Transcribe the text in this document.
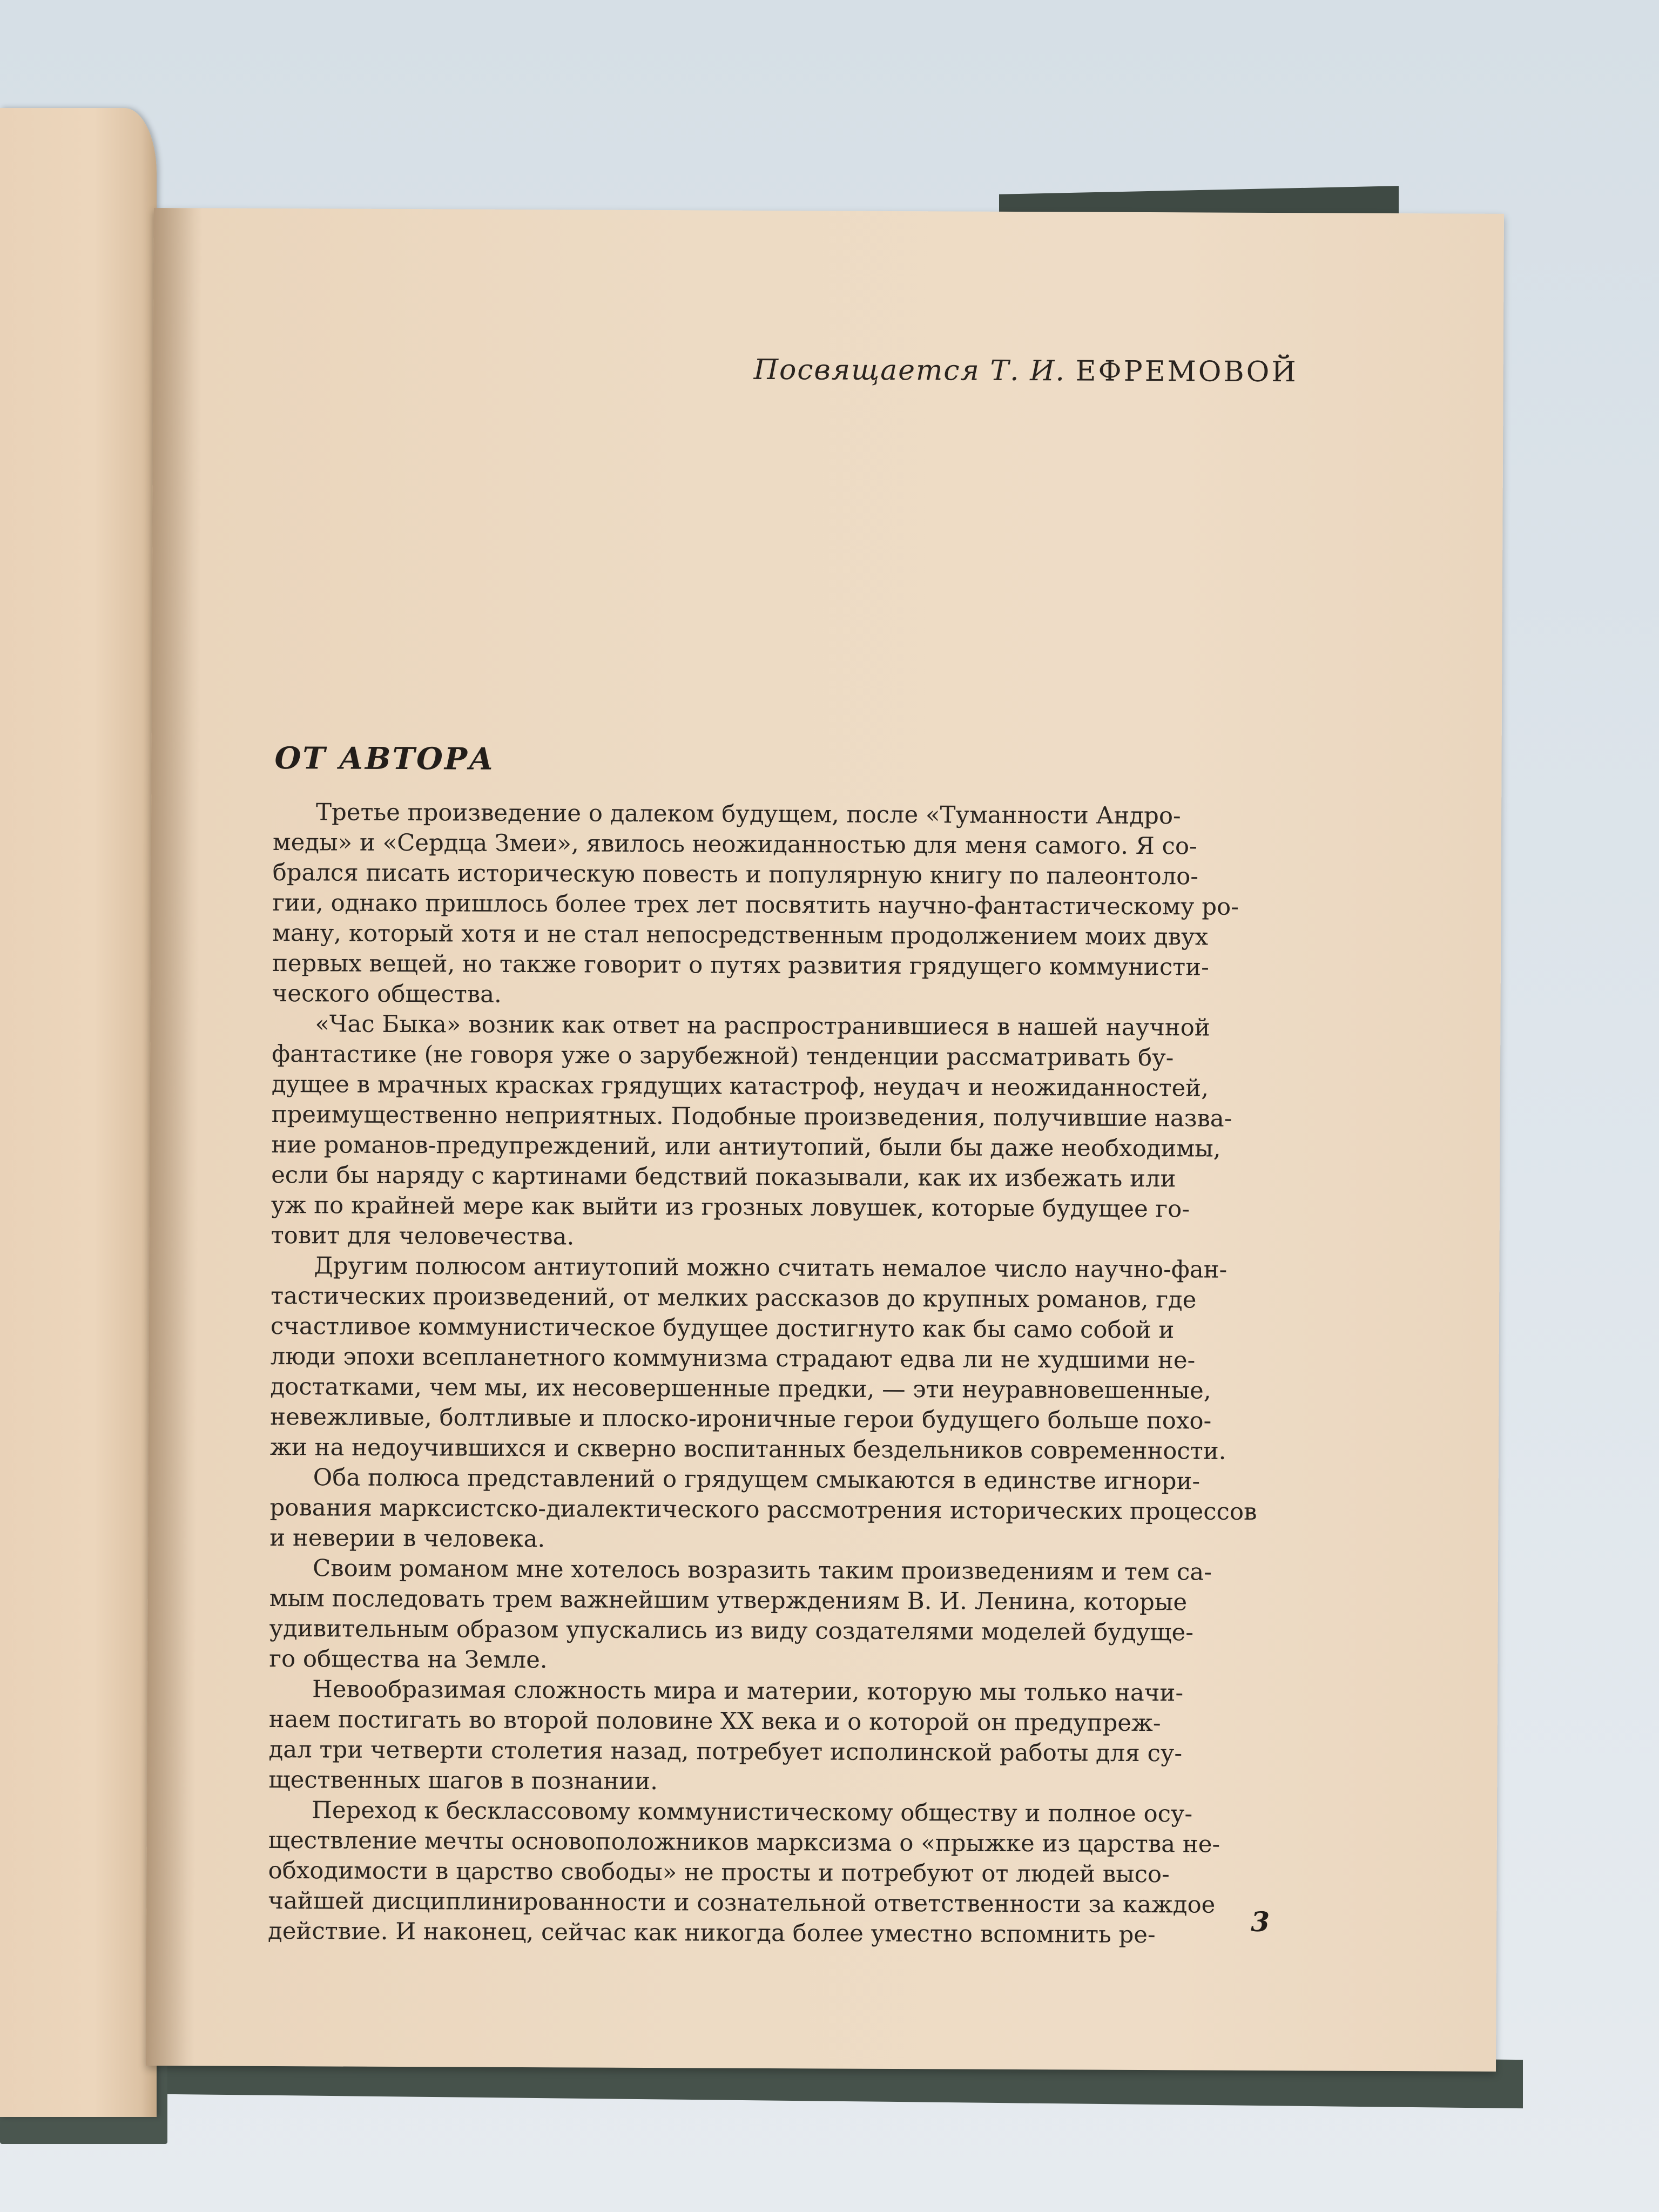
Посвящается Т. И. ЕФРЕМОВОЙ
ОТ АВТОРА
Третье произведение о далеком будущем, после «Туманности Андро-
меды» и «Сердца Змеи», явилось неожиданностью для меня самого. Я со-
брался писать историческую повесть и популярную книгу по палеонтоло-
гии, однако пришлось более трех лет посвятить научно-фантастическому ро-
ману, который хотя и не стал непосредственным продолжением моих двух
первых вещей, но также говорит о путях развития грядущего коммунисти-
ческого общества.
«Час Быка» возник как ответ на распространившиеся в нашей научной
фантастике (не говоря уже о зарубежной) тенденции рассматривать бу-
дущее в мрачных красках грядущих катастроф, неудач и неожиданностей,
преимущественно неприятных. Подобные произведения, получившие назва-
ние романов-предупреждений, или антиутопий, были бы даже необходимы,
если бы наряду с картинами бедствий показывали, как их избежать или
уж по крайней мере как выйти из грозных ловушек, которые будущее го-
товит для человечества.
Другим полюсом антиутопий можно считать немалое число научно-фан-
тастических произведений, от мелких рассказов до крупных романов, где
счастливое коммунистическое будущее достигнуто как бы само собой и
люди эпохи всепланетного коммунизма страдают едва ли не худшими не-
достатками, чем мы, их несовершенные предки, — эти неуравновешенные,
невежливые, болтливые и плоско-ироничные герои будущего больше похо-
жи на недоучившихся и скверно воспитанных бездельников современности.
Оба полюса представлений о грядущем смыкаются в единстве игнори-
рования марксистско-диалектического рассмотрения исторических процессов
и неверии в человека.
Своим романом мне хотелось возразить таким произведениям и тем са-
мым последовать трем важнейшим утверждениям В. И. Ленина, которые
удивительным образом упускались из виду создателями моделей будуще-
го общества на Земле.
Невообразимая сложность мира и материи, которую мы только начи-
наем постигать во второй половине XX века и о которой он предупреж-
дал три четверти столетия назад, потребует исполинской работы для су-
щественных шагов в познании.
Переход к бесклассовому коммунистическому обществу и полное осу-
ществление мечты основоположников марксизма о «прыжке из царства не-
обходимости в царство свободы» не просты и потребуют от людей высо-
чайшей дисциплинированности и сознательной ответственности за каждое
действие. И наконец, сейчас как никогда более уместно вспомнить ре-	3
